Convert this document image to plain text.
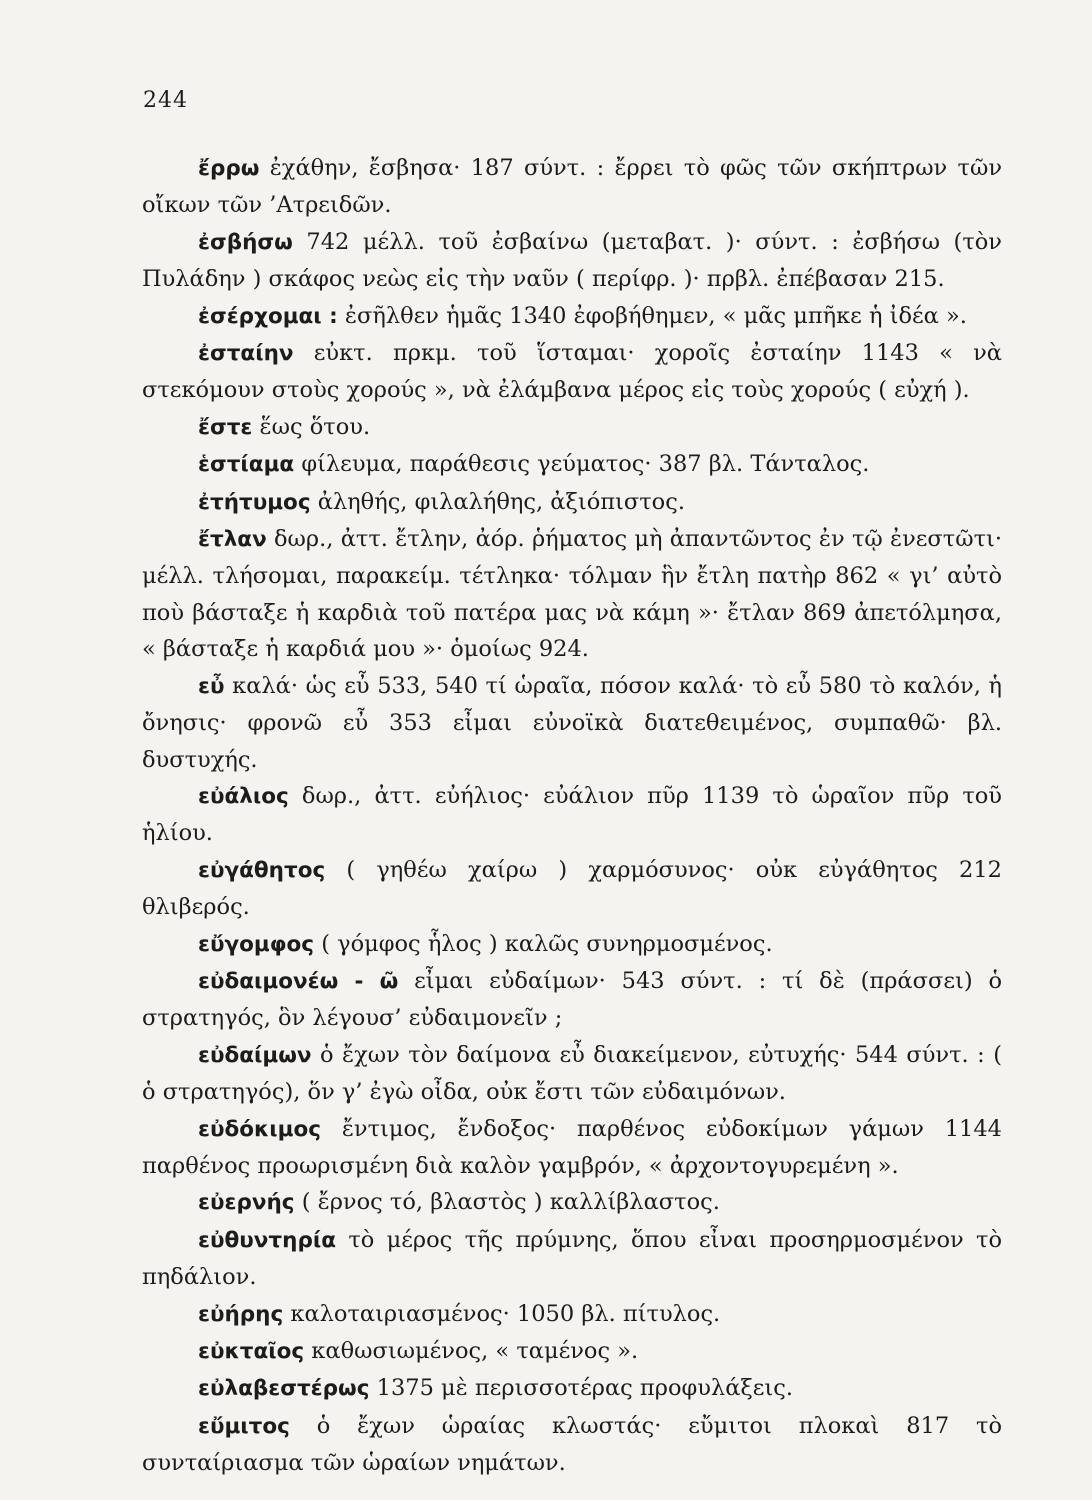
244

ἔρρω ἐχάθην, ἔσβησα· 187 σύντ. : ἔρρει τὸ φῶς τῶν σκήπτρων τῶν οἴκων τῶν ’Ατρειδῶν.

ἐσβήσω 742 μέλλ. τοῦ ἐσβαίνω (μεταβατ. )· σύντ. : ἐσβήσω (τὸν Πυλάδην ) σκάφος νεὼς εἰς τὴν ναῦν ( περίφρ. )· πρβλ. ἐπέβασαν 215.

ἐσέρχομαι : ἐσῆλθεν ἡμᾶς 1340 ἐφοβήθημεν, « μᾶς μπῆκε ἡ ἰδέα ».

ἐσταίην εὐκτ. πρκμ. τοῦ ἵσταμαι· χοροῖς ἐσταίην 1143 « νὰ στεκόμουν στοὺς χορούς », νὰ ἐλάμβανα μέρος εἰς τοὺς χορούς ( εὐχή ).

ἔστε ἕως ὅτου.

ἑστίαμα φίλευμα, παράθεσις γεύματος· 387 βλ. Τάνταλος.

ἐτήτυμος ἀληθής, φιλαλήθης, ἀξιόπιστος.

ἔτλαν δωρ., ἀττ. ἔτλην, ἀόρ. ῥήματος μὴ ἀπαντῶντος ἐν τῷ ἐνεστῶτι· μέλλ. τλήσομαι, παρακείμ. τέτληκα· τόλμαν ἣν ἔτλη πατὴρ 862 « γι’ αὐτὸ ποὺ βάσταξε ἡ καρδιὰ τοῦ πατέρα μας νὰ κάμη »· ἔτλαν 869 ἀπετόλμησα, « βάσταξε ἡ καρδιά μου »· ὁμοίως 924.

εὖ καλά· ὡς εὖ 533, 540 τί ὡραῖα, πόσον καλά· τὸ εὖ 580 τὸ καλόν, ἡ ὄνησις· φρονῶ εὖ 353 εἶμαι εὐνοϊκὰ διατεθειμένος, συμπαθῶ· βλ. δυστυχής.

εὐάλιος δωρ., ἀττ. εὐήλιος· εὐάλιον πῦρ 1139 τὸ ὡραῖον πῦρ τοῦ ἡλίου.

εὐγάθητος ( γηθέω χαίρω ) χαρμόσυνος· οὐκ εὐγάθητος 212 θλιβερός.

εὔγομφος ( γόμφος ἧλος ) καλῶς συνηρμοσμένος.

εὐδαιμονέω - ῶ εἶμαι εὐδαίμων· 543 σύντ. : τί δὲ (πράσσει) ὁ στρατηγός, ὃν λέγουσ’ εὐδαιμονεῖν ;

εὐδαίμων ὁ ἔχων τὸν δαίμονα εὖ διακείμενον, εὐτυχής· 544 σύντ. : ( ὁ στρατηγός), ὅν γ’ ἐγὼ οἶδα, οὐκ ἔστι τῶν εὐδαιμόνων.

εὐδόκιμος ἔντιμος, ἔνδοξος· παρθένος εὐδοκίμων γάμων 1144 παρθένος προωρισμένη διὰ καλὸν γαμβρόν, « ἀρχοντογυρεμένη ».

εὐερνής ( ἔρνος τό, βλαστὸς ) καλλίβλαστος.

εὐθυντηρία τὸ μέρος τῆς πρύμνης, ὅπου εἶναι προσηρμοσμένον τὸ πηδάλιον.

εὐήρης καλοταιριασμένος· 1050 βλ. πίτυλος.

εὐκταῖος καθωσιωμένος, « ταμένος ».

εὐλαβεστέρως 1375 μὲ περισσοτέρας προφυλάξεις.

εὔμιτος ὁ ἔχων ὡραίας κλωστάς· εὔμιτοι πλοκαὶ 817 τὸ συνταίριασμα τῶν ὡραίων νημάτων.
